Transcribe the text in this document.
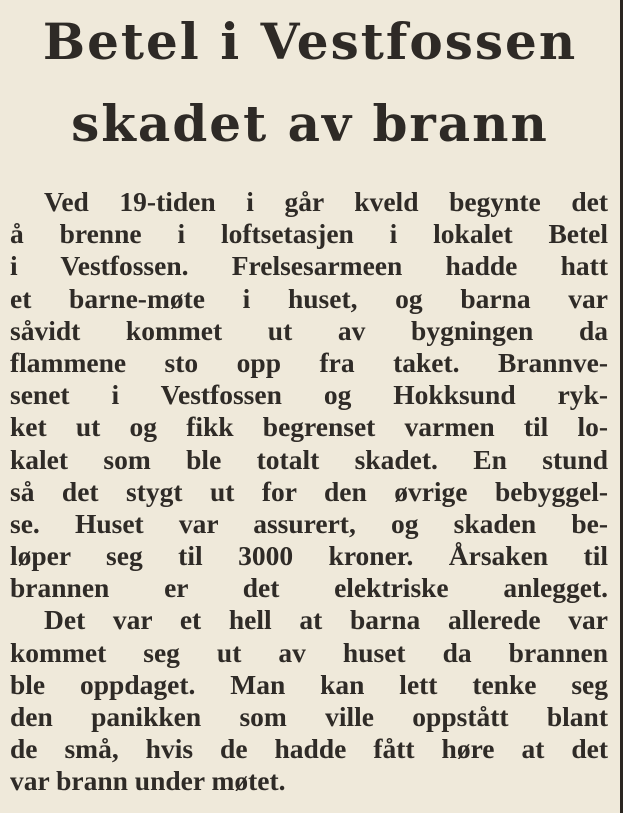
Betel i Vestfossen
skadet av brann
Ved 19-tiden i går kveld begynte det
å brenne i loftsetasjen i lokalet Betel
i Vestfossen. Frelsesarmeen hadde hatt
et barne-møte i huset, og barna var
såvidt kommet ut av bygningen da
flammene sto opp fra taket. Brannve-
senet i Vestfossen og Hokksund ryk-
ket ut og fikk begrenset varmen til lo-
kalet som ble totalt skadet. En stund
så det stygt ut for den øvrige bebyggel-
se. Huset var assurert, og skaden be-
løper seg til 3000 kroner. Årsaken til
brannen er det elektriske anlegget.
Det var et hell at barna allerede var
kommet seg ut av huset da brannen
ble oppdaget. Man kan lett tenke seg
den panikken som ville oppstått blant
de små, hvis de hadde fått høre at det
var brann under møtet.
